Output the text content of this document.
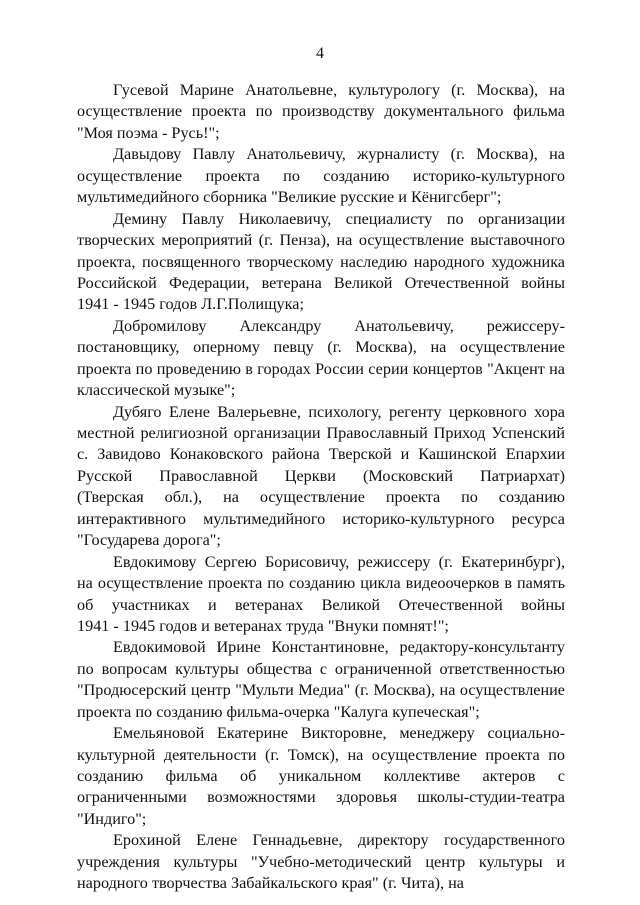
4
Гусевой Марине Анатольевне, культурологу (г. Москва), на
осуществление проекта по производству документального фильма
"Моя поэма - Русь!";
Давыдову Павлу Анатольевичу, журналисту (г. Москва), на
осуществление проекта по созданию историко-культурного
мультимедийного сборника "Великие русские и Кёнигсберг";
Демину Павлу Николаевичу, специалисту по организации
творческих мероприятий (г. Пенза), на осуществление выставочного
проекта, посвященного творческому наследию народного художника
Российской Федерации, ветерана Великой Отечественной войны
1941 - 1945 годов Л.Г.Полищука;
Добромилову Александру Анатольевичу, режиссеру-
постановщику, оперному певцу (г. Москва), на осуществление
проекта по проведению в городах России серии концертов "Акцент на
классической музыке";
Дубяго Елене Валерьевне, психологу, регенту церковного хора
местной религиозной организации Православный Приход Успенский
с. Завидово Конаковского района Тверской и Кашинской Епархии
Русской Православной Церкви (Московский Патриархат)
(Тверская обл.), на осуществление проекта по созданию
интерактивного мультимедийного историко-культурного ресурса
"Государева дорога";
Евдокимову Сергею Борисовичу, режиссеру (г. Екатеринбург),
на осуществление проекта по созданию цикла видеоочерков в память
об участниках и ветеранах Великой Отечественной войны
1941 - 1945 годов и ветеранах труда "Внуки помнят!";
Евдокимовой Ирине Константиновне, редактору-консультанту
по вопросам культуры общества с ограниченной ответственностью
"Продюсерский центр "Мульти Медиа" (г. Москва), на осуществление
проекта по созданию фильма-очерка "Калуга купеческая";
Емельяновой Екатерине Викторовне, менеджеру социально-
культурной деятельности (г. Томск), на осуществление проекта по
созданию фильма об уникальном коллективе актеров с
ограниченными возможностями здоровья школы-студии-театра
"Индиго";
Ерохиной Елене Геннадьевне, директору государственного
учреждения культуры "Учебно-методический центр культуры и
народного творчества Забайкальского края" (г. Чита), на
